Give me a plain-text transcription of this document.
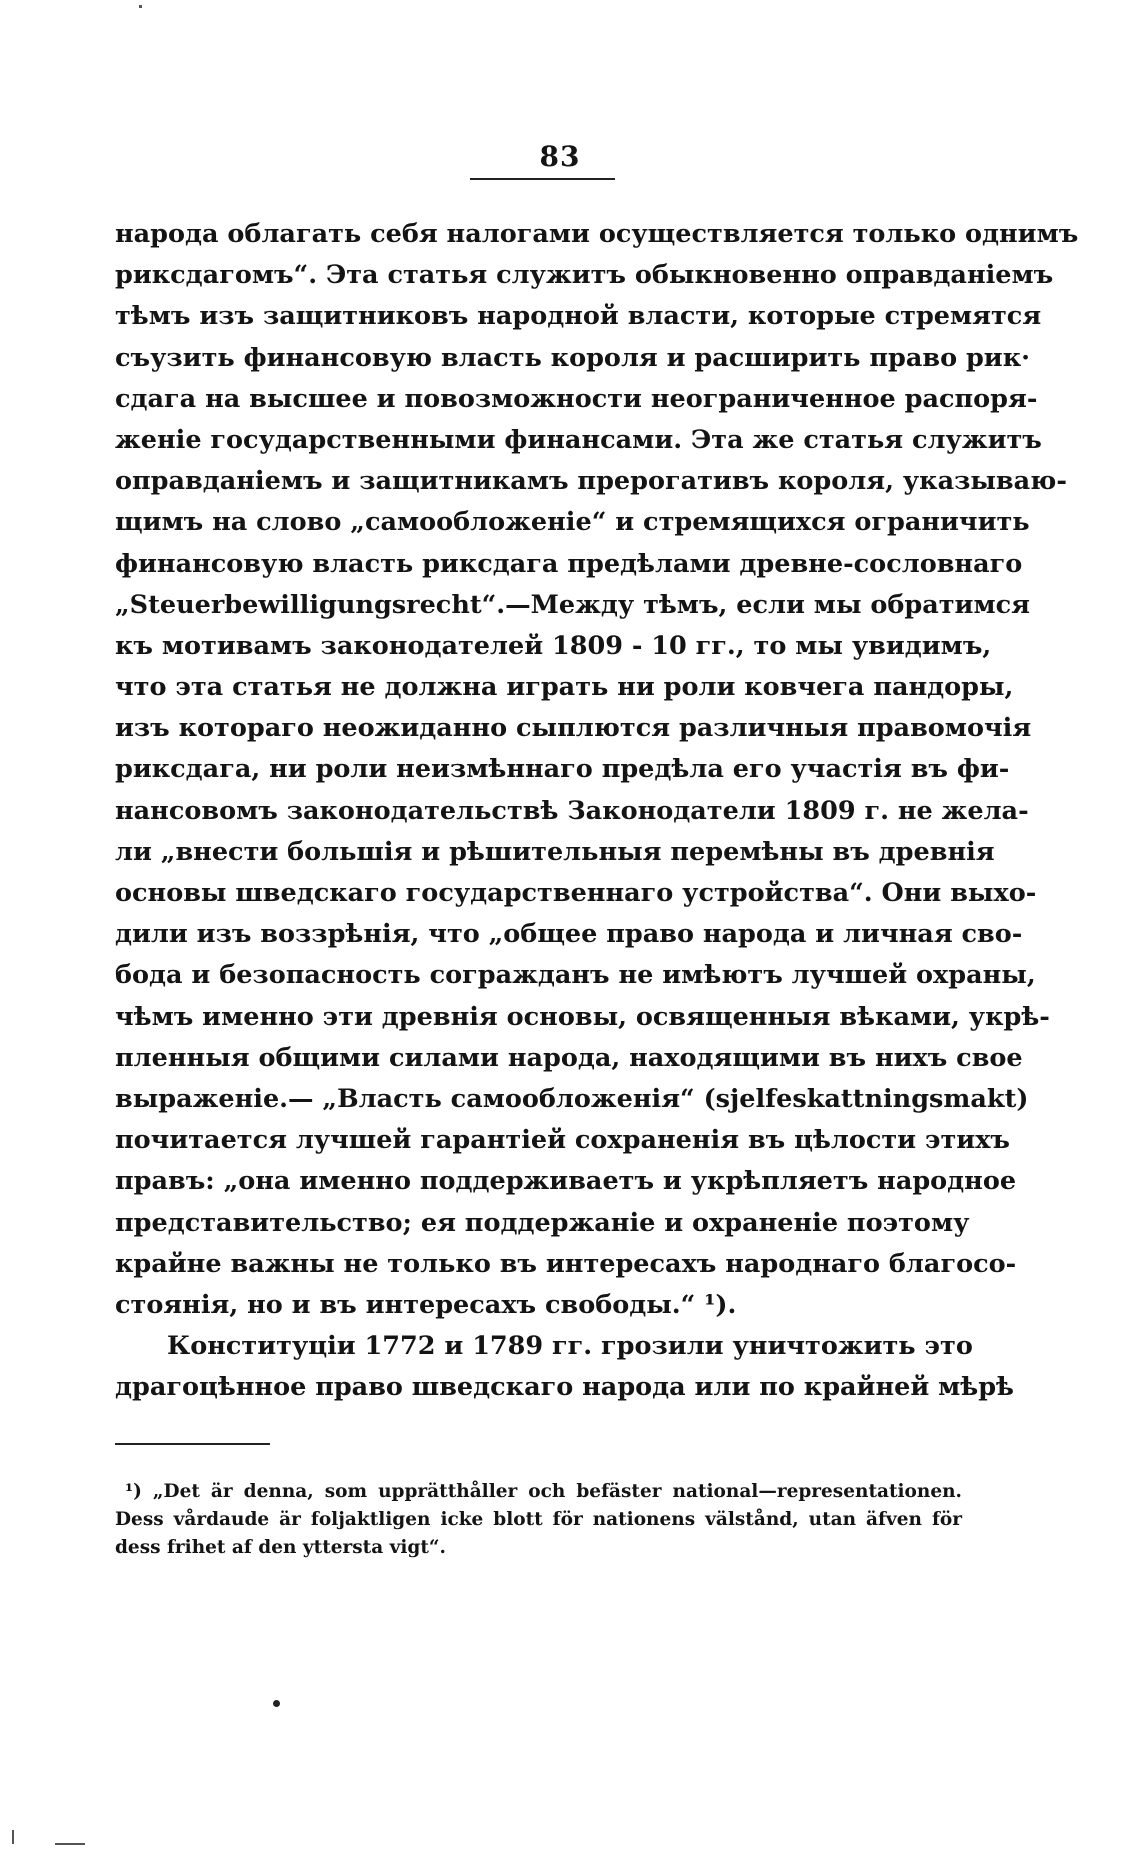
83
народа облагать себя налогами осуществляется только однимъ
риксдагомъ“. Эта статья служитъ обыкновенно оправданіемъ
тѣмъ изъ защитниковъ народной власти, которые стремятся
съузить финансовую власть короля и расширить право рик·
сдага на высшее и повозможности неограниченное распоря-
женіе государственными финансами. Эта же статья служитъ
оправданіемъ и защитникамъ прерогативъ короля, указываю-
щимъ на слово „самообложеніе“ и стремящихся ограничить
финансовую власть риксдага предѣлами древне-сословнаго
„Steuerbewilligungsrecht“.—Между тѣмъ, если мы обратимся
къ мотивамъ законодателей 1809 - 10 гг., то мы увидимъ,
что эта статья не должна играть ни роли ковчега пандоры,
изъ котораго неожиданно сыплются различныя правомочія
риксдага, ни роли неизмѣннаго предѣла его участія въ фи-
нансовомъ законодательствѣ Законодатели 1809 г. не жела-
ли „внести большія и рѣшительныя перемѣны въ древнія
основы шведскаго государственнаго устройства“. Они выхо-
дили изъ воззрѣнія, что „общее право народа и личная сво-
бода и безопасность согражданъ не имѣютъ лучшей охраны,
чѣмъ именно эти древнія основы, освященныя вѣками, укрѣ-
пленныя общими силами народа, находящими въ нихъ свое
выраженіе.— „Власть самообложенія“ (sjelfeskattningsmakt)
почитается лучшей гарантіей сохраненія въ цѣлости этихъ
правъ: „она именно поддерживаетъ и укрѣпляетъ народное
представительство; ея поддержаніе и охраненіе поэтому
крайне важны не только въ интересахъ народнаго благосо-
стоянія, но и въ интересахъ свободы.“ ¹).
Конституціи 1772 и 1789 гг. грозили уничтожить это
драгоцѣнное право шведскаго народа или по крайней мѣрѣ
¹) „Det är denna, som upprätthåller och befäster national—representationen.
Dess vårdaude är foljaktligen icke blott för nationens välstånd, utan äfven för
dess frihet af den yttersta vigt“.
